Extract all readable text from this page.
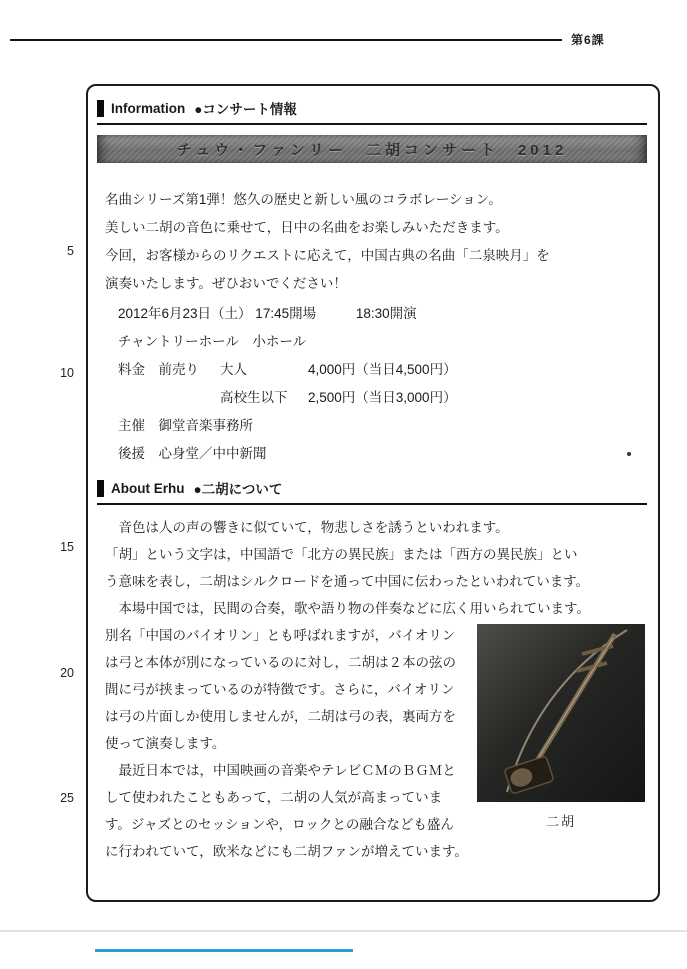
第6課
5
10
15
20
25
Information ●コンサート情報
チュウ・ファンリー　二胡コンサート　2012
名曲シリーズ第1弾！悠久の歴史と新しい風のコラボレーション。
美しい二胡の音色に乗せて，日中の名曲をお楽しみいただきます。
今回，お客様からのリクエストに応えて，中国古典の名曲「二泉映月」を
演奏いたします。ぜひおいでください！
2012年6月23日（土） 17:45開場	18:30開演
チャントリーホール　小ホール
料金　前売り	大人	4,000円（当日4,500円）
高校生以下	2,500円（当日3,000円）
主催　御堂音楽事務所
後援　心身堂／中中新聞
About Erhu ●二胡について
　音色は人の声の響きに似ていて，物悲しさを誘うといわれます。
「胡」という文字は，中国語で「北方の異民族」または「西方の異民族」とい
う意味を表し，二胡はシルクロードを通って中国に伝わったといわれています。
　本場中国では，民間の合奏，歌や語り物の伴奏などに広く用いられています。
別名「中国のバイオリン」とも呼ばれますが，バイオリン
は弓と本体が別になっているのに対し，二胡は２本の弦の
間に弓が挟まっているのが特徴です。さらに，バイオリン
は弓の片面しか使用しませんが，二胡は弓の表，裏両方を
使って演奏します。
　最近日本では，中国映画の音楽やテレビＣＭのＢＧＭと
して使われたこともあって，二胡の人気が高まっていま
す。ジャズとのセッションや，ロックとの融合なども盛ん
に行われていて，欧米などにも二胡ファンが増えています。
二胡
